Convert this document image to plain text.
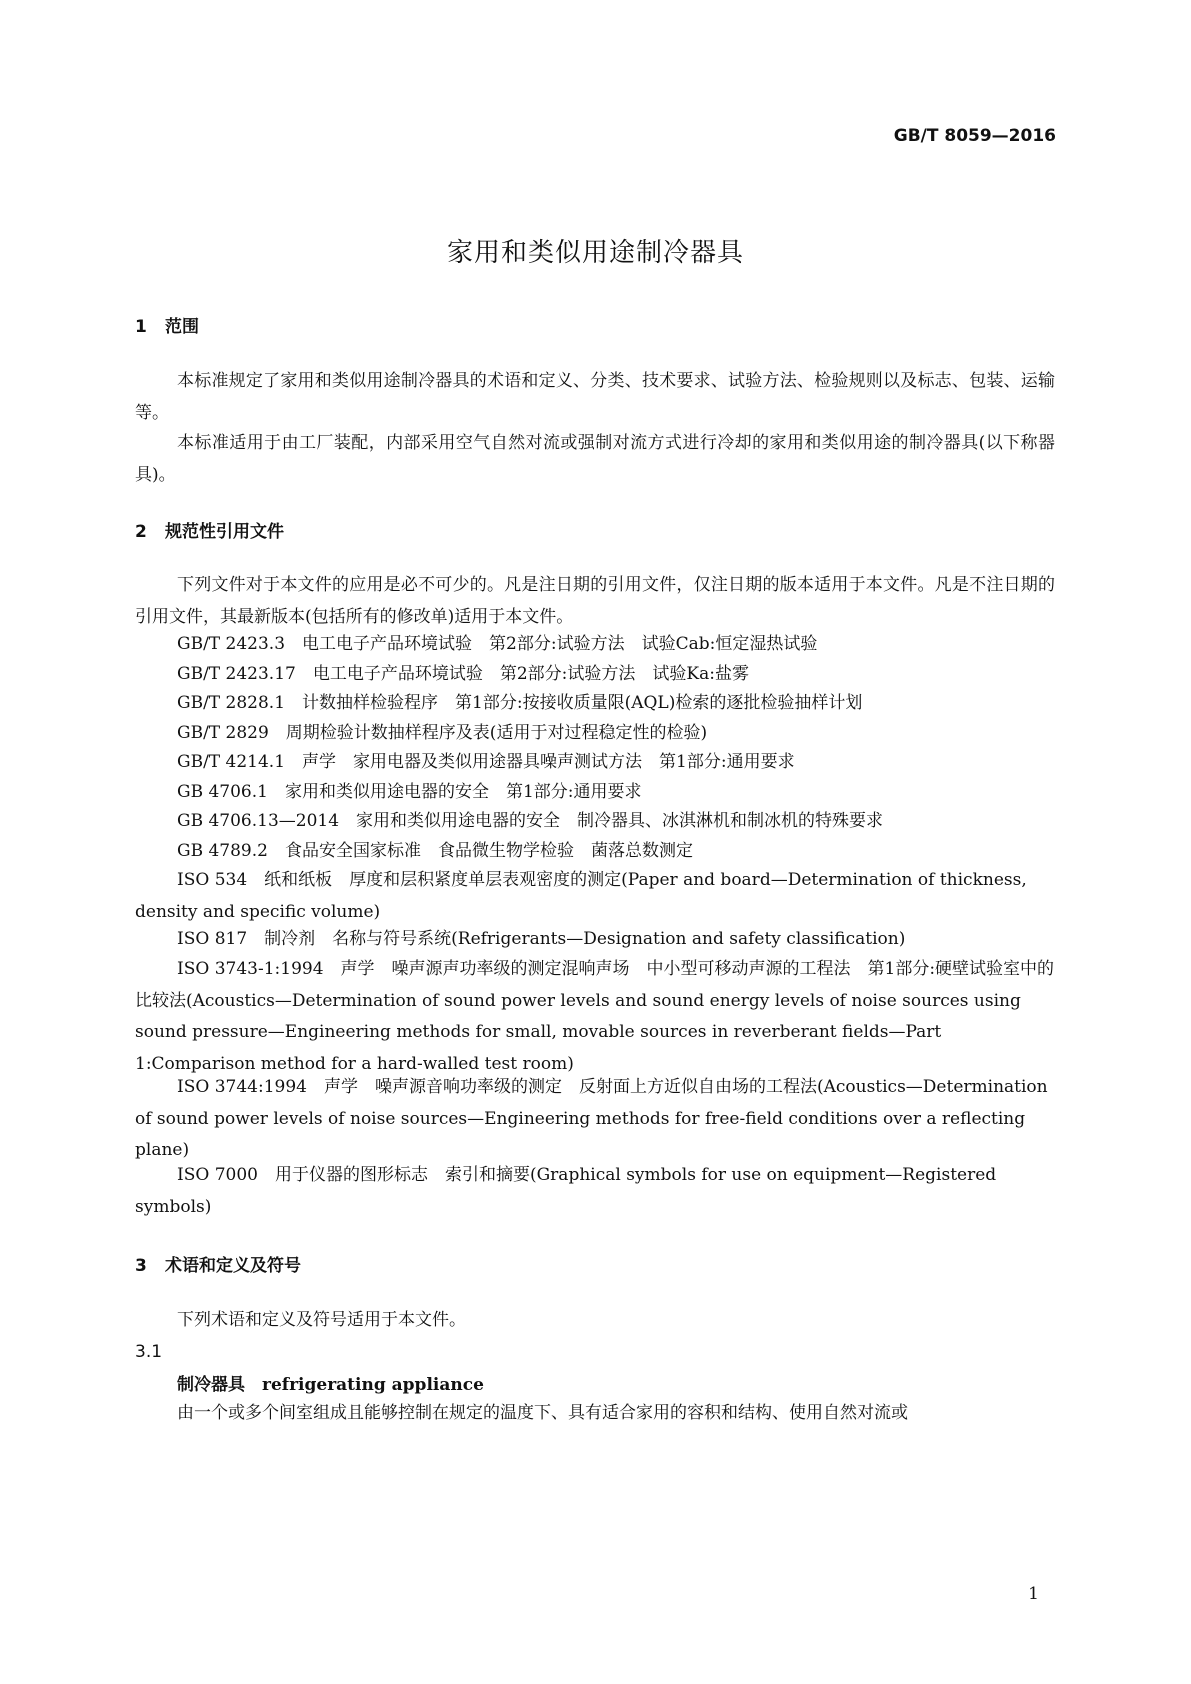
GB/T 8059—2016
家用和类似用途制冷器具
1 范围
本标准规定了家用和类似用途制冷器具的术语和定义、分类、技术要求、试验方法、检验规则以及标志、包装、运输等。
本标准适用于由工厂装配，内部采用空气自然对流或强制对流方式进行冷却的家用和类似用途的制冷器具(以下称器具)。
2 规范性引用文件
下列文件对于本文件的应用是必不可少的。凡是注日期的引用文件，仅注日期的版本适用于本文件。凡是不注日期的引用文件，其最新版本(包括所有的修改单)适用于本文件。
GB/T 2423.3　电工电子产品环境试验　第2部分:试验方法　试验Cab:恒定湿热试验
GB/T 2423.17　电工电子产品环境试验　第2部分:试验方法　试验Ka:盐雾
GB/T 2828.1　计数抽样检验程序　第1部分:按接收质量限(AQL)检索的逐批检验抽样计划
GB/T 2829　周期检验计数抽样程序及表(适用于对过程稳定性的检验)
GB/T 4214.1　声学　家用电器及类似用途器具噪声测试方法　第1部分:通用要求
GB 4706.1　家用和类似用途电器的安全　第1部分:通用要求
GB 4706.13—2014　家用和类似用途电器的安全　制冷器具、冰淇淋机和制冰机的特殊要求
GB 4789.2　食品安全国家标准　食品微生物学检验　菌落总数测定
ISO 534　纸和纸板　厚度和层积紧度单层表观密度的测定(Paper and board—Determination of thickness, density and specific volume)
ISO 817　制冷剂　名称与符号系统(Refrigerants—Designation and safety classification)
ISO 3743-1:1994　声学　噪声源声功率级的测定混响声场　中小型可移动声源的工程法　第1部分:硬壁试验室中的比较法(Acoustics—Determination of sound power levels and sound energy levels of noise sources using sound pressure—Engineering methods for small, movable sources in reverberant fields—Part 1:Comparison method for a hard-walled test room)
ISO 3744:1994　声学　噪声源音响功率级的测定　反射面上方近似自由场的工程法(Acoustics—Determination of sound power levels of noise sources—Engineering methods for free-field conditions over a reflecting plane)
ISO 7000　用于仪器的图形标志　索引和摘要(Graphical symbols for use on equipment—Registered symbols)
3 术语和定义及符号
下列术语和定义及符号适用于本文件。
3.1
制冷器具　refrigerating appliance
由一个或多个间室组成且能够控制在规定的温度下、具有适合家用的容积和结构、使用自然对流或
1
